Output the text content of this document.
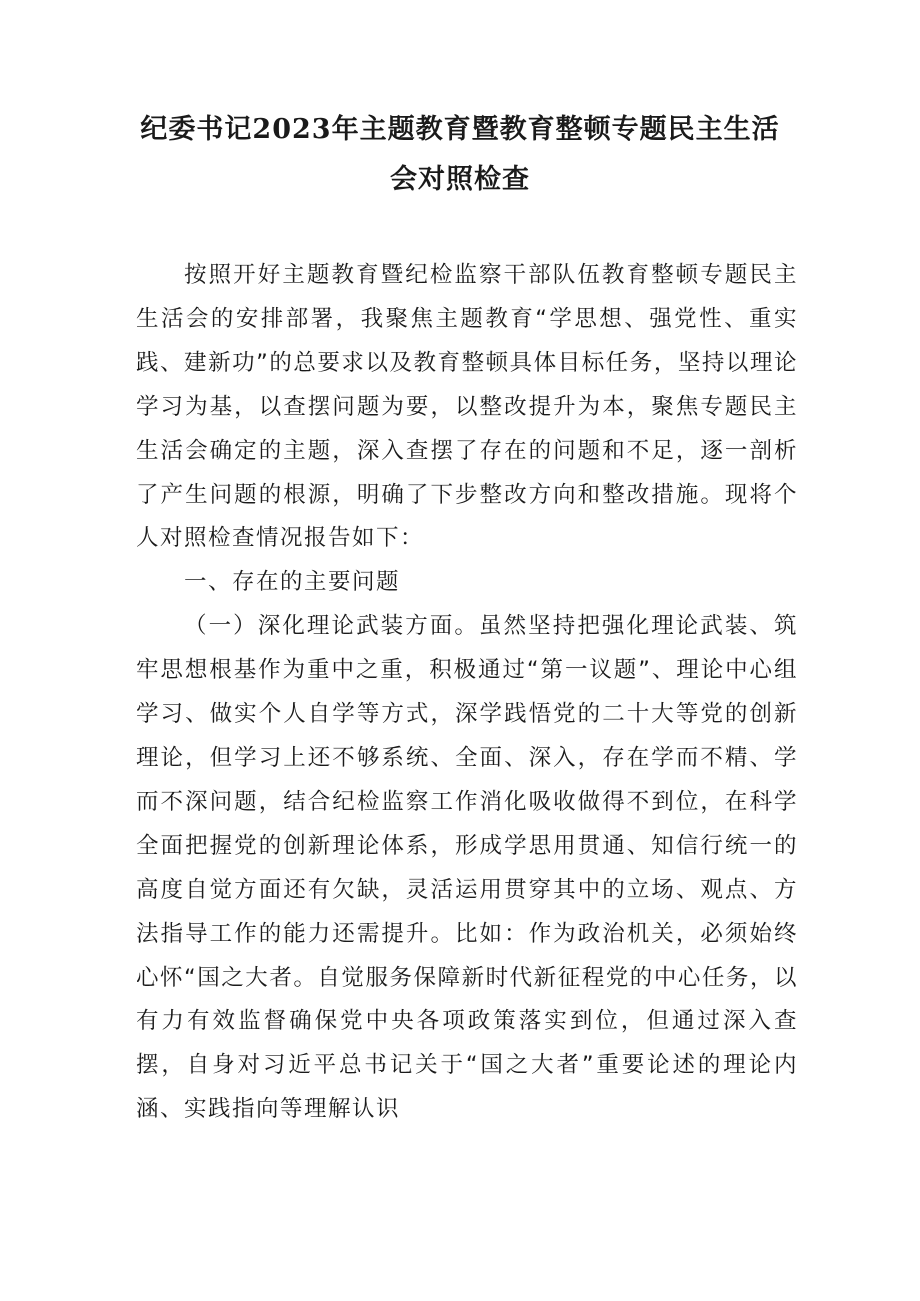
纪委书记2023年主题教育暨教育整顿专题民主生活
会对照检查

按照开好主题教育暨纪检监察干部队伍教育整顿专题民主生活会的安排部署，我聚焦主题教育“学思想、强党性、重实践、建新功”的总要求以及教育整顿具体目标任务，坚持以理论学习为基，以查摆问题为要，以整改提升为本，聚焦专题民主生活会确定的主题，深入查摆了存在的问题和不足，逐一剖析了产生问题的根源，明确了下步整改方向和整改措施。现将个人对照检查情况报告如下：

一、存在的主要问题

（一）深化理论武装方面。虽然坚持把强化理论武装、筑牢思想根基作为重中之重，积极通过“第一议题”、理论中心组学习、做实个人自学等方式，深学践悟党的二十大等党的创新理论，但学习上还不够系统、全面、深入，存在学而不精、学而不深问题，结合纪检监察工作消化吸收做得不到位，在科学全面把握党的创新理论体系，形成学思用贯通、知信行统一的高度自觉方面还有欠缺，灵活运用贯穿其中的立场、观点、方法指导工作的能力还需提升。比如：作为政治机关，必须始终心怀“国之大者。自觉服务保障新时代新征程党的中心任务，以有力有效监督确保党中央各项政策落实到位，但通过深入查摆，自身对习近平总书记关于“国之大者”重要论述的理论内涵、实践指向等理解认识
